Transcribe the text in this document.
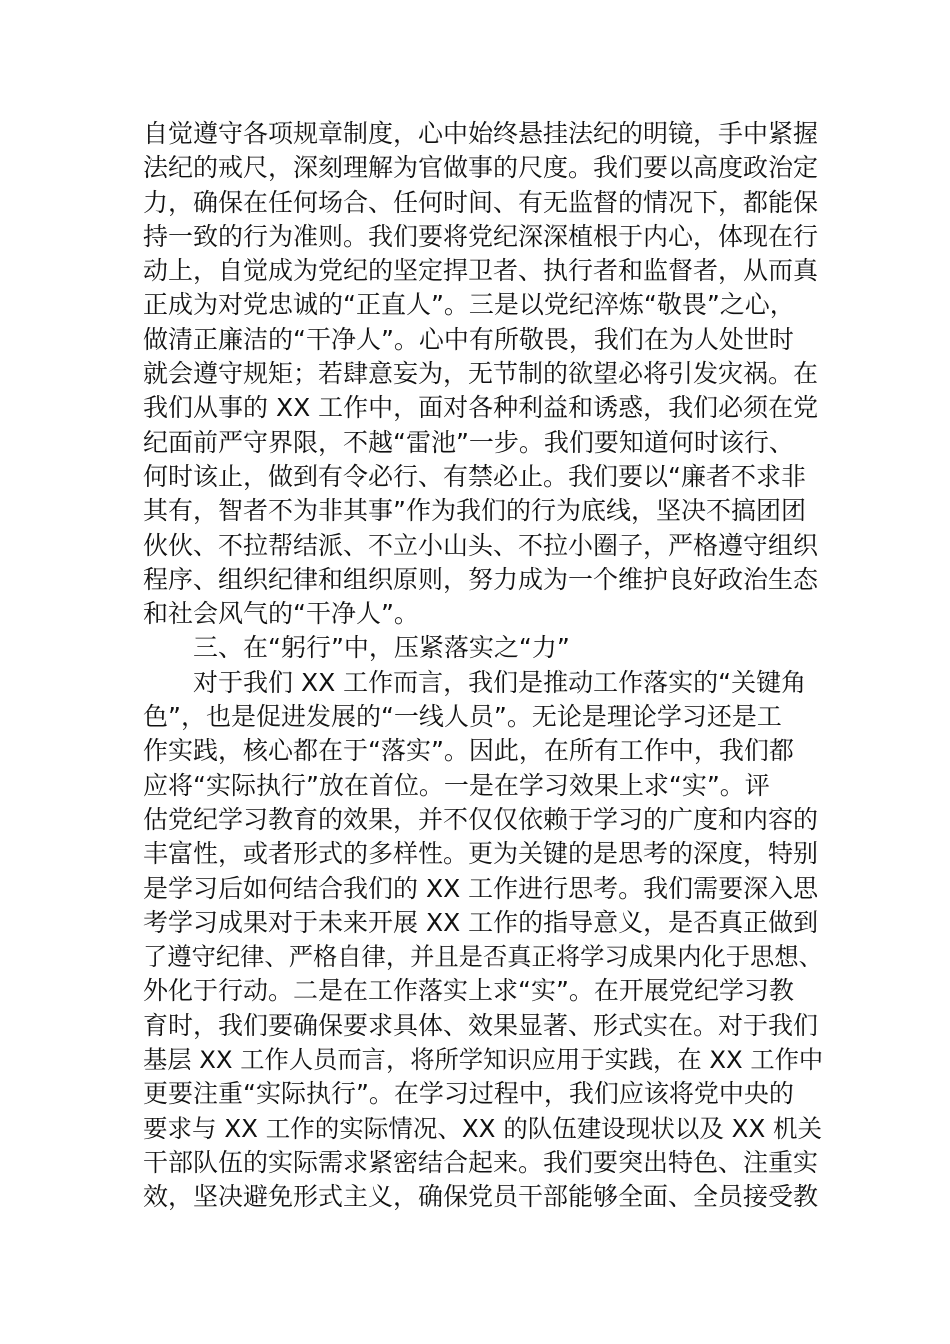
自觉遵守各项规章制度，心中始终悬挂法纪的明镜，手中紧握
法纪的戒尺，深刻理解为官做事的尺度。我们要以高度政治定
力，确保在任何场合、任何时间、有无监督的情况下，都能保
持一致的行为准则。我们要将党纪深深植根于内心，体现在行
动上，自觉成为党纪的坚定捍卫者、执行者和监督者，从而真
正成为对党忠诚的“正直人”。三是以党纪淬炼“敬畏”之心，
做清正廉洁的“干净人”。心中有所敬畏，我们在为人处世时
就会遵守规矩；若肆意妄为，无节制的欲望必将引发灾祸。在
我们从事的 XX 工作中，面对各种利益和诱惑，我们必须在党
纪面前严守界限，不越“雷池”一步。我们要知道何时该行、
何时该止，做到有令必行、有禁必止。我们要以“廉者不求非
其有，智者不为非其事”作为我们的行为底线，坚决不搞团团
伙伙、不拉帮结派、不立小山头、不拉小圈子，严格遵守组织
程序、组织纪律和组织原则，努力成为一个维护良好政治生态
和社会风气的“干净人”。
三、在“躬行”中，压紧落实之“力”
对于我们 XX 工作而言，我们是推动工作落实的“关键角
色”，也是促进发展的“一线人员”。无论是理论学习还是工
作实践，核心都在于“落实”。因此，在所有工作中，我们都
应将“实际执行”放在首位。一是在学习效果上求“实”。评
估党纪学习教育的效果，并不仅仅依赖于学习的广度和内容的
丰富性，或者形式的多样性。更为关键的是思考的深度，特别
是学习后如何结合我们的 XX 工作进行思考。我们需要深入思
考学习成果对于未来开展 XX 工作的指导意义，是否真正做到
了遵守纪律、严格自律，并且是否真正将学习成果内化于思想、
外化于行动。二是在工作落实上求“实”。在开展党纪学习教
育时，我们要确保要求具体、效果显著、形式实在。对于我们
基层 XX 工作人员而言，将所学知识应用于实践，在 XX 工作中
更要注重“实际执行”。在学习过程中，我们应该将党中央的
要求与 XX 工作的实际情况、XX 的队伍建设现状以及 XX 机关
干部队伍的实际需求紧密结合起来。我们要突出特色、注重实
效，坚决避免形式主义，确保党员干部能够全面、全员接受教
